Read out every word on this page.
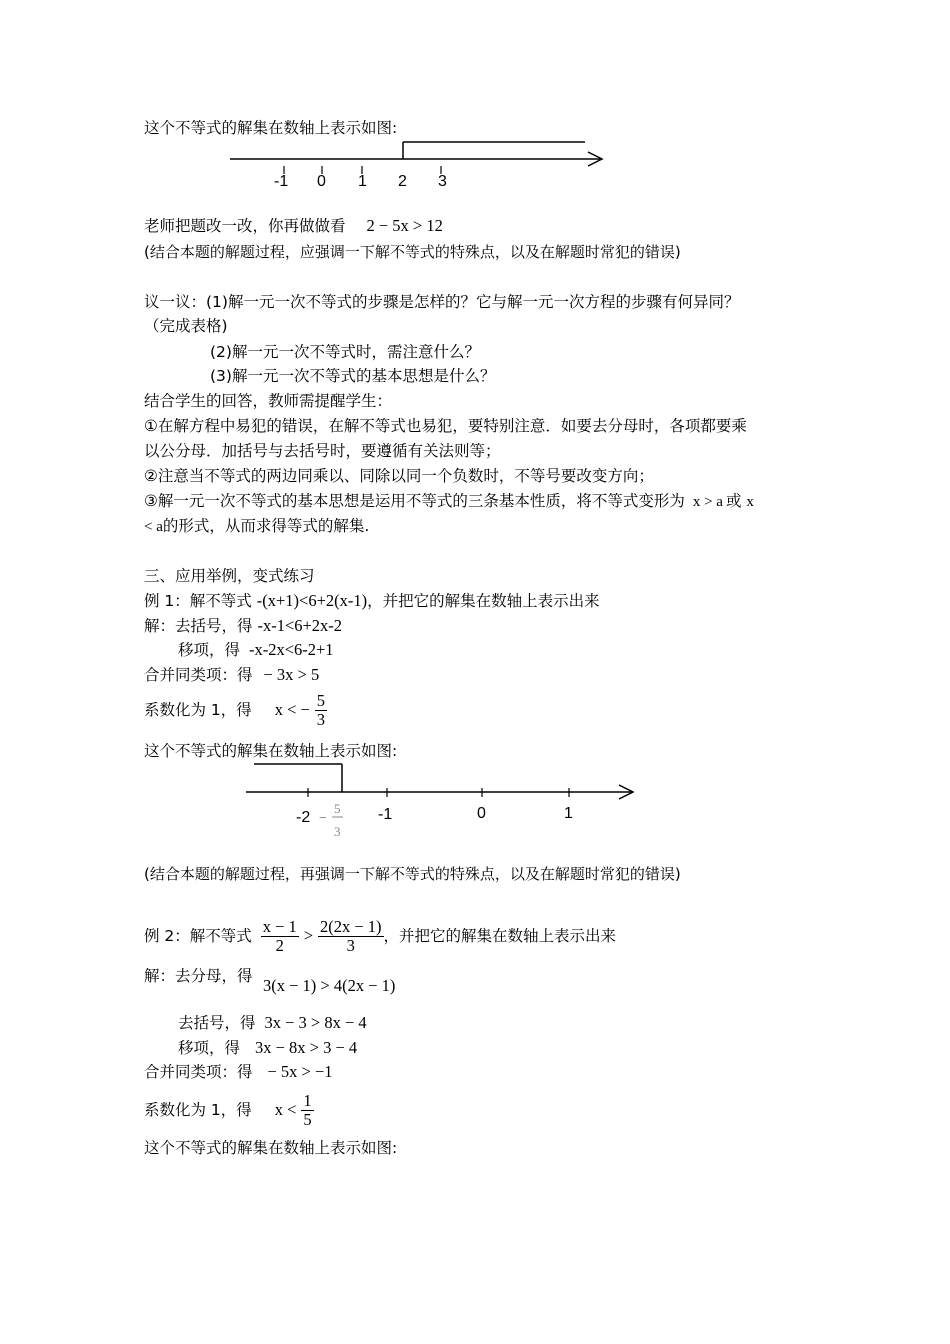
这个不等式的解集在数轴上表示如图:
-1 0 1 2 3
-2	-1	0	1
−
5
3
老师把题改一改，你再做做看 2 − 5x > 12
(结合本题的解题过程，应强调一下解不等式的特殊点，以及在解题时常犯的错误)
议一议：(1)解一元一次不等式的步骤是怎样的？它与解一元一次方程的步骤有何异同？
（完成表格)
(2)解一元一次不等式时，需注意什么？
(3)解一元一次不等式的基本思想是什么？
结合学生的回答，教师需提醒学生：
①在解方程中易犯的错误，在解不等式也易犯，要特别注意．如要去分母时，各项都要乘
以公分母．加括号与去括号时，要遵循有关法则等；
②注意当不等式的两边同乘以、同除以同一个负数时，不等号要改变方向；
③解一元一次不等式的基本思想是运用不等式的三条基本性质，将不等式变形为 x > a 或 x
< a的形式，从而求得等式的解集.
三、应用举例，变式练习
例 1：解不等式 -(x+1)<6+2(x-1)，并把它的解集在数轴上表示出来
解：去括号，得 -x-1<6+2x-2
移项，得 -x-2x<6-2+1
合并同类项：得 − 3x > 5
系数化为 1，得 x < − $\frac{5}{3}$
这个不等式的解集在数轴上表示如图:
(结合本题的解题过程，再强调一下解不等式的特殊点，以及在解题时常犯的错误)
例 2：解不等式 $\frac{x - 1}{2} > \frac{2(2x - 1)}{3}$ ，并把它的解集在数轴上表示出来
解：去分母，得 3(x − 1) > 4(2x − 1)
去括号，得 3x − 3 > 8x − 4
移项，得 3x − 8x > 3 − 4
合并同类项：得 − 5x > −1
系数化为 1，得 $x < \frac{1}{5}$
这个不等式的解集在数轴上表示如图:
